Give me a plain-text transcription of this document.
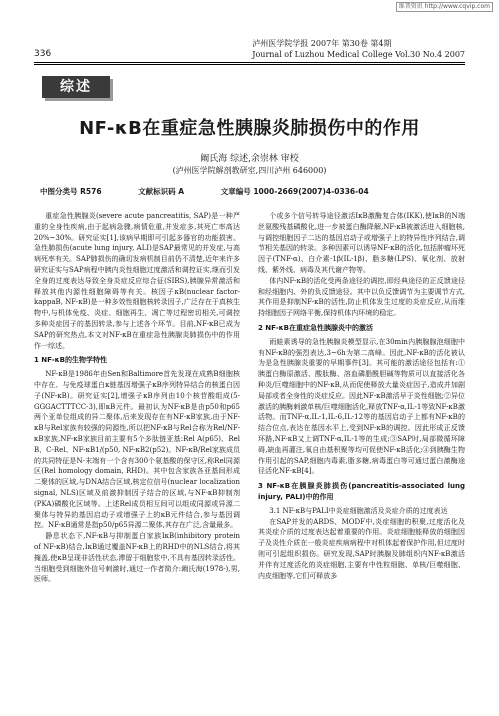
维普资讯 http://www.cqvip.com
336
泸州医学院学报 2007年 第30卷 第4期
Journal of Luzhou Medical College Vol.30 No.4 2007
综述
NF-κB在重症急性胰腺炎肺损伤中的作用
阚氏海 综述,余崇林 审校
(泸州医学院解剖教研室,四川泸州 646000)
中图分类号 R576	文献标识码 A	文章编号 1000-2669(2007)4-0336-04

重症急性胰腺炎(severe acute pancreatitis, SAP)是一种严重的全身性疾病,由于起病急骤,病情危重,并发症多,其死亡率高达20%~30%。研究证实[1],该病早期即可引起多器官的功能损害。急性肺损伤(acute lung injury, ALI)是SAP最常见的并发症,与高病死率有关。SAP肺损伤的确切发病机制目前仍不清楚,近年来许多研究证实与SAP病程中胰内炎性细胞过度激活和调控证实,继而引发全身的过度表达导致全身炎症反应综合征(SIRS),胰腺异常激活和释放其他内源性细胞障碍等有关。核因子κB(nuclear factor-kappaB, NF-κB)是一种多效性细胞核转录因子,广泛存在于真核生物中,与机体免疫、炎症、细胞再生、凋亡等过程密切相关,可调控多种炎症因子的基因转录,参与上述各个环节。目前,NF-κB已成为SAP的研究热点,本文对NF-κB在重症急性胰腺炎肺损伤中的作用作一综述。

1 NF-κB的生物学特性

NF-κB是1986年由Sen和Baltimore首先发现在成熟B细胞核中存在、与免疫球蛋白κ链基因增强子κB序列特异结合的核蛋白因子(NF-κB)。研究证实[2],增强子κB序列由10个核苷酸组成(5-GGGACTTTCC-3),即κB元件。最初认为NF-κB是由p50和p65两个亚单位组成的异二聚体,后来发现存在有NF-κB家族,由于NF-κB与Rel家族有较强的同源性,所以把NF-κB与Rel合称为Rel/NF-κB家族,NF-κB家族目前主要有5个多肽链亚基:Rel A(p65)、Rel B、C-Rel、NF-κB1/(p50, NF-κB2(p52)。NF-κB/Rel家族成员的共同特征是N-末端有一个含有300个氨基酸的保守区,称Rel同源区(Rel homology domain, RHD)。其中包含家族各亚基间形成二聚体的区域,与DNA结合区域,核定位信号(nuclear localization signal, NLS)区域及前激抑制因子结合的区域,与NF-κB抑制剂(PKA)磷酸化区域等。上述Rel成员相互间可以组成同源或异源二聚体与特异的基因启动子或增强子上的κB元件结合,参与基因调控。NF-κB通常是指p50/p65异源二聚体,其存在广泛,含量最多。

静息状态下,NF-κB与抑制蛋白家族IκB(inhibitory protein of NF-κB)结合,IκB通过覆盖NF-κB上的RHD中的NLS结合,将其掩盖,使κB呈现非活性状态,滞留于细胞浆中,不具有基因转录活性。当细胞受到细胞外信号刺激时,通过一作者简介:阚氏海(1978-),男,医师。

个或多个信号转导途径激活IκB激酶复合体(IKK),使IκB的N端丝氨酸残基磷酸化,进一步被蛋白酶降解,NF-κB被激活进入细胞核,与调控细胞因子二达的基因启动子或增强子上的特异性序列结合,调节相关基因的转录。多种因素可以诱导NF-κB的活化,包括肿瘤坏死因子(TNF-α)、白介素-1β(IL-1β)、脂多糖(LPS)、氧化剂、放射线、紫外线、病毒及其代谢产物等。

体内NF-κB的活化受两条途径的调控,即经典途径的正反馈途径和经细胞内、外的负反馈途径。其中以负反馈调节为主要调节方式,其作用是抑制NF-κB的活性,防止机体发生过度的炎症反应,从而维持细胞因子网络平衡,保持机体内环境的稳定。

2 NF-κB在重症急性胰腺炎中的激活

雨蛙素诱导的急性胰腺炎模型显示,在30min内胰腺腺泡细胞中有NF-κB的强烈表达,3~6h为第二高峰。因此,NF-κB的活化被认为是急性胰腺炎重要的早期事件[3]。其可能的激活途径包括有:①胰蛋白酶原激活、酸肽酶、溶血磷脂酰胆碱等物质可以直接活化各种炎/巨噬细胞中的NF-κB,从而促使释放大量炎症因子,造成并加剧局部或者全身性的炎症反应。因此NF-κB激活早于炎性细胞;②异位激活的胰酶刺激单核/巨噬细胞活化,释放TNF-α,IL-1等致NF-κB激活物。而TNF-α,IL-1,IL-6,IL-12等的基因启动子上都有NF-κB的结合位点,表达在基因水平上,受到NF-κB的调控。因此形成正反馈环路,NF-κB又上调TNF-α,IL-1等的生成;③SAP时,局部微循环障碍,缺血再灌注,氧自由基积聚等均可促使NF-κB活化;④到胰酶生物作用引起的SAP,细胞内毒素,脂多糖,病毒蛋白等可通过蛋白激酶途径活化NF-κB[4]。

3 NF-κB在胰腺炎肺损伤(pancreatitis-associated lung injury, PALI)中的作用

3.1 NF-κB与PALI中炎症细胞激活及炎症介质的过度表达

在SAP并发的ARDS、MODF中,炎症细胞的积聚,过度活化及其炎症介质的过度表达起着重要的作用。炎症细胞能释放的细胞因子及炎性介质在一般炎症疾病病程中对机体起着保护作用,但过度时则可引起组织损伤。研究发现,SAP时胰腺及肺组织内NF-κB激活并伴有过度活化的炎症细胞,主要有中性粒细胞、单核/巨噬细胞、内皮细胞等,它们可释放多
